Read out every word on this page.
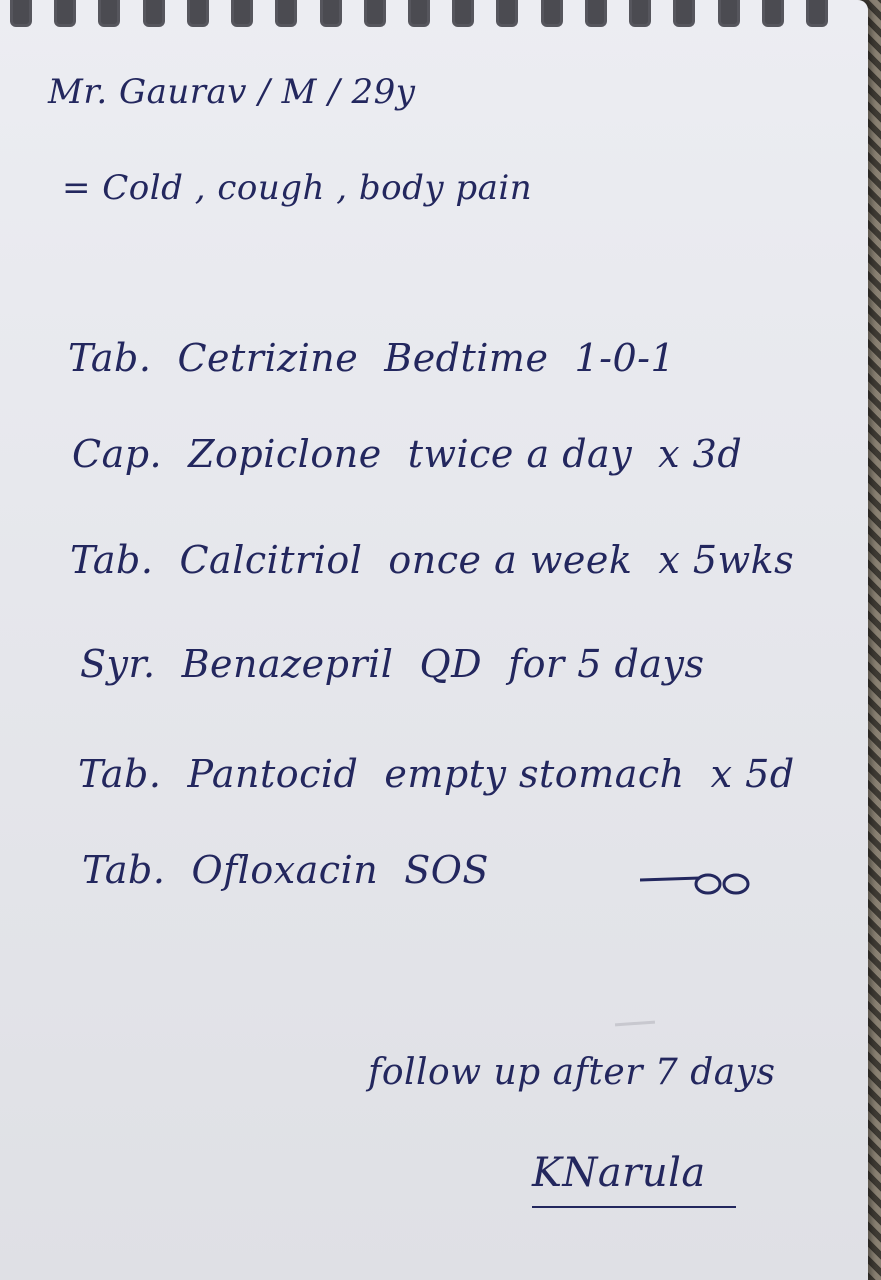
Mr. Gaurav / M / 29y
= Cold , cough , body pain
Tab. Cetrizine Bedtime 1-0-1
Cap. Zopiclone twice a day x 3d
Tab. Calcitriol once a week x 5wks
Syr. Benazepril QD for 5 days
Tab. Pantocid empty stomach x 5d
Tab. Ofloxacin SOS
follow up after 7 days
KNarula
